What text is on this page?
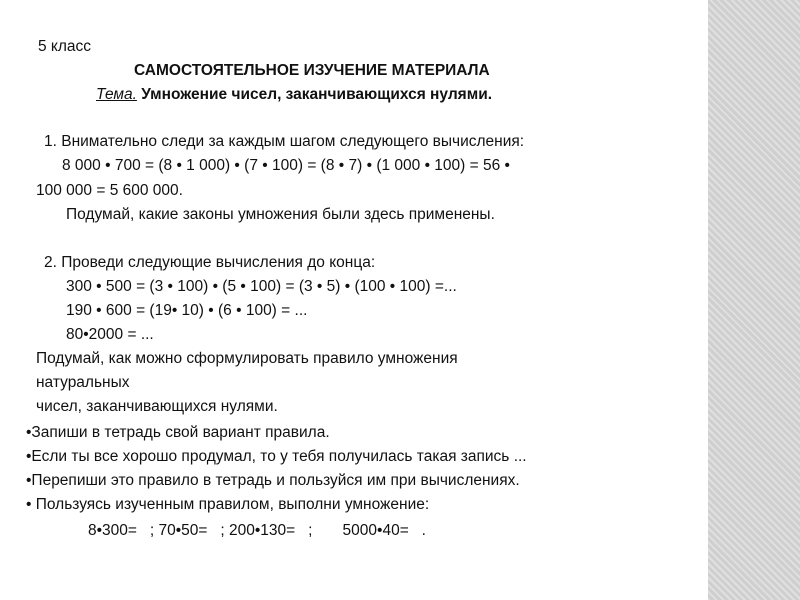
5 класс
САМОСТОЯТЕЛЬНОЕ ИЗУЧЕНИЕ МАТЕРИАЛА
Тема. Умножение чисел, заканчивающихся нулями.
1. Внимательно следи за каждым шагом следующего вычисления:
8 000 • 700 = (8 • 1 000) • (7 • 100) = (8 • 7) • (1 000 • 100) = 56 •
100 000 = 5 600 000.
Подумай, какие законы умножения были здесь применены.
2. Проведи следующие вычисления до конца:
300 • 500 = (3 • 100) • (5 • 100) = (3 • 5) • (100 • 100) =...
190 • 600 = (19• 10) • (6 • 100) = ...
80•2000 = ...
Подумай, как можно сформулировать правило умножения
натуральных
чисел, заканчивающихся нулями.
•Запиши в тетрадь свой вариант правила.
•Если ты все хорошо продумал, то у тебя получилась такая запись ...
•Перепиши это правило в тетрадь и пользуйся им при вычислениях.
• Пользуясь изученным правилом, выполни умножение:
8•300=   ; 70•50=   ; 200•130=   ;       5000•40=   .
